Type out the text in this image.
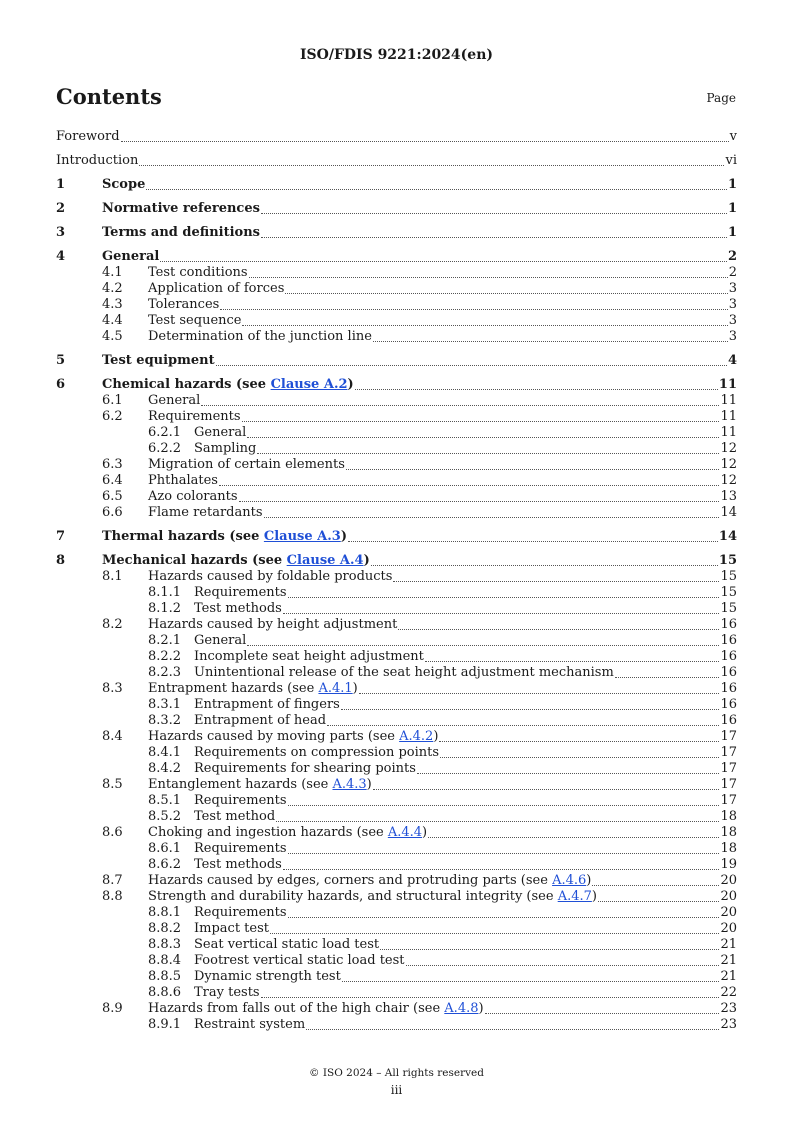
ISO/FDIS 9221:2024(en)
Contents	Page
Foreword	v
Introduction	vi
1	Scope	1
2	Normative references	1
3	Terms and definitions	1
4	General	2
4.1	Test conditions	2
4.2	Application of forces	3
4.3	Tolerances	3
4.4	Test sequence	3
4.5	Determination of the junction line	3
5	Test equipment	4
6	Chemical hazards (see Clause A.2)	11
6.1	General	11
6.2	Requirements	11
6.2.1 General	11
6.2.2 Sampling	12
6.3	Migration of certain elements	12
6.4	Phthalates	12
6.5	Azo colorants	13
6.6	Flame retardants	14
7	Thermal hazards (see Clause A.3)	14
8	Mechanical hazards (see Clause A.4)	15
8.1	Hazards caused by foldable products	15
8.1.1 Requirements	15
8.1.2 Test methods	15
8.2	Hazards caused by height adjustment	16
8.2.1 General	16
8.2.2 Incomplete seat height adjustment	16
8.2.3 Unintentional release of the seat height adjustment mechanism	16
8.3	Entrapment hazards (see A.4.1)	16
8.3.1 Entrapment of fingers	16
8.3.2 Entrapment of head	16
8.4	Hazards caused by moving parts (see A.4.2)	17
8.4.1 Requirements on compression points	17
8.4.2 Requirements for shearing points	17
8.5	Entanglement hazards (see A.4.3)	17
8.5.1 Requirements	17
8.5.2 Test method	18
8.6	Choking and ingestion hazards (see A.4.4)	18
8.6.1 Requirements	18
8.6.2 Test methods	19
8.7	Hazards caused by edges, corners and protruding parts (see A.4.6)	20
8.8	Strength and durability hazards, and structural integrity (see A.4.7)	20
8.8.1 Requirements	20
8.8.2 Impact test	20
8.8.3 Seat vertical static load test	21
8.8.4 Footrest vertical static load test	21
8.8.5 Dynamic strength test	21
8.8.6 Tray tests	22
8.9	Hazards from falls out of the high chair (see A.4.8)	23
8.9.1 Restraint system	23
© ISO 2024 – All rights reserved
iii
